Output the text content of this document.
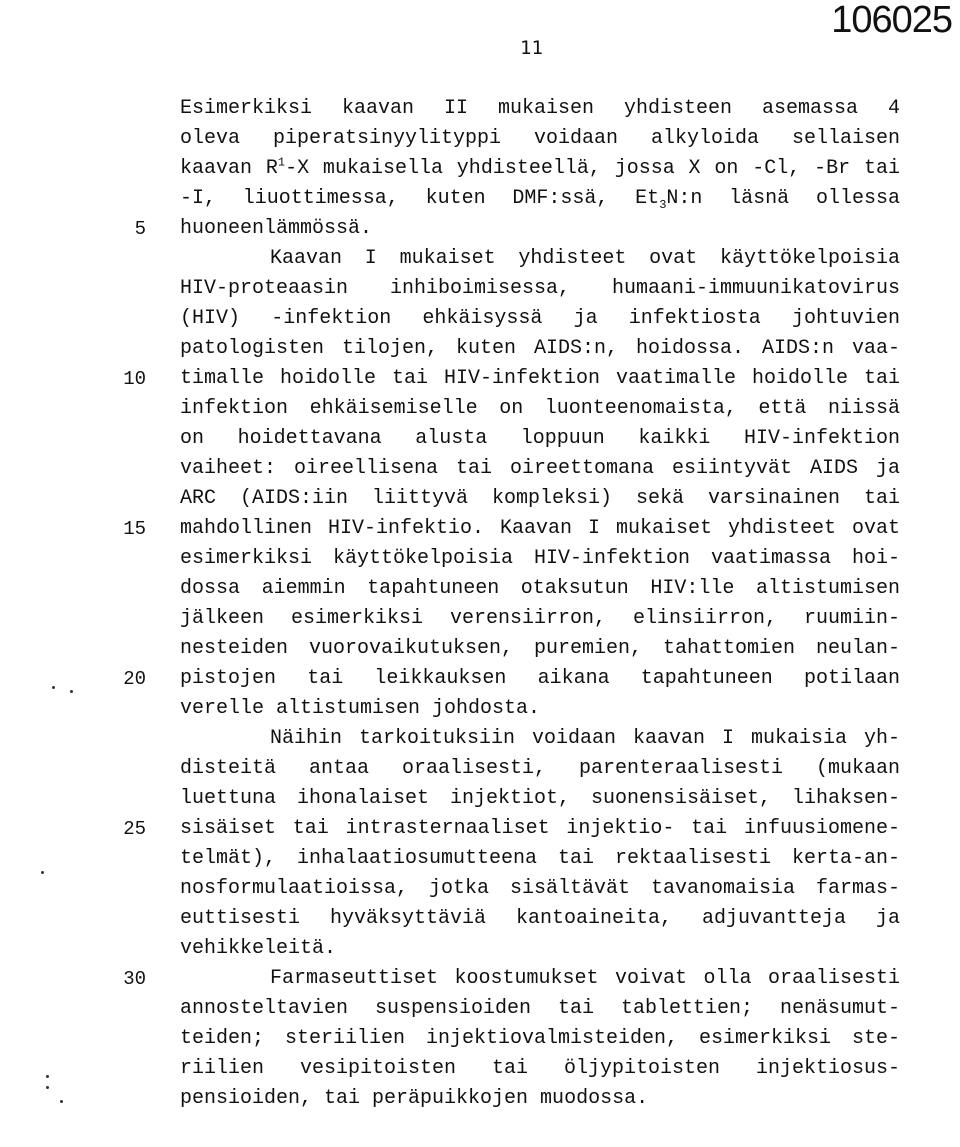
106025
11
5
10
15
20
25
30
Esimerkiksi kaavan II mukaisen yhdisteen asemassa 4
oleva piperatsinyylityppi voidaan alkyloida sellaisen
kaavan $R^1-X$ mukaisella yhdisteellä, jossa X on -Cl, -Br tai
-I, liuottimessa, kuten DMF:ssä, $Et_3N:n$ läsnä ollessa
huoneenlämmössä.
Kaavan I mukaiset yhdisteet ovat käyttökelpoisia
HIV-proteaasin inhiboimisessa, humaani-immuunikatovirus
(HIV) -infektion ehkäisyssä ja infektiosta johtuvien
patologisten tilojen, kuten AIDS:n, hoidossa. AIDS:n vaa-
timalle hoidolle tai HIV-infektion vaatimalle hoidolle tai
infektion ehkäisemiselle on luonteenomaista, että niissä
on hoidettavana alusta loppuun kaikki HIV-infektion
vaiheet: oireellisena tai oireettomana esiintyvät AIDS ja
ARC (AIDS:iin liittyvä kompleksi) sekä varsinainen tai
mahdollinen HIV-infektio. Kaavan I mukaiset yhdisteet ovat
esimerkiksi käyttökelpoisia HIV-infektion vaatimassa hoi-
dossa aiemmin tapahtuneen otaksutun HIV:lle altistumisen
jälkeen esimerkiksi verensiirron, elinsiirron, ruumiin-
nesteiden vuorovaikutuksen, puremien, tahattomien neulan-
pistojen tai leikkauksen aikana tapahtuneen potilaan
verelle altistumisen johdosta.
Näihin tarkoituksiin voidaan kaavan I mukaisia yh-
disteitä antaa oraalisesti, parenteraalisesti (mukaan
luettuna ihonalaiset injektiot, suonensisäiset, lihaksen-
sisäiset tai intrasternaaliset injektio- tai infuusiomene-
telmät), inhalaatiosumutteena tai rektaalisesti kerta-an-
nosformulaatioissa, jotka sisältävät tavanomaisia farmas-
euttisesti hyväksyttäviä kantoaineita, adjuvantteja ja
vehikkeleitä.
Farmaseuttiset koostumukset voivat olla oraalisesti
annosteltavien suspensioiden tai tablettien; nenäsumut-
teiden; steriilien injektiovalmisteiden, esimerkiksi ste-
riilien vesipitoisten tai öljypitoisten injektiosus-
pensioiden, tai peräpuikkojen muodossa.
